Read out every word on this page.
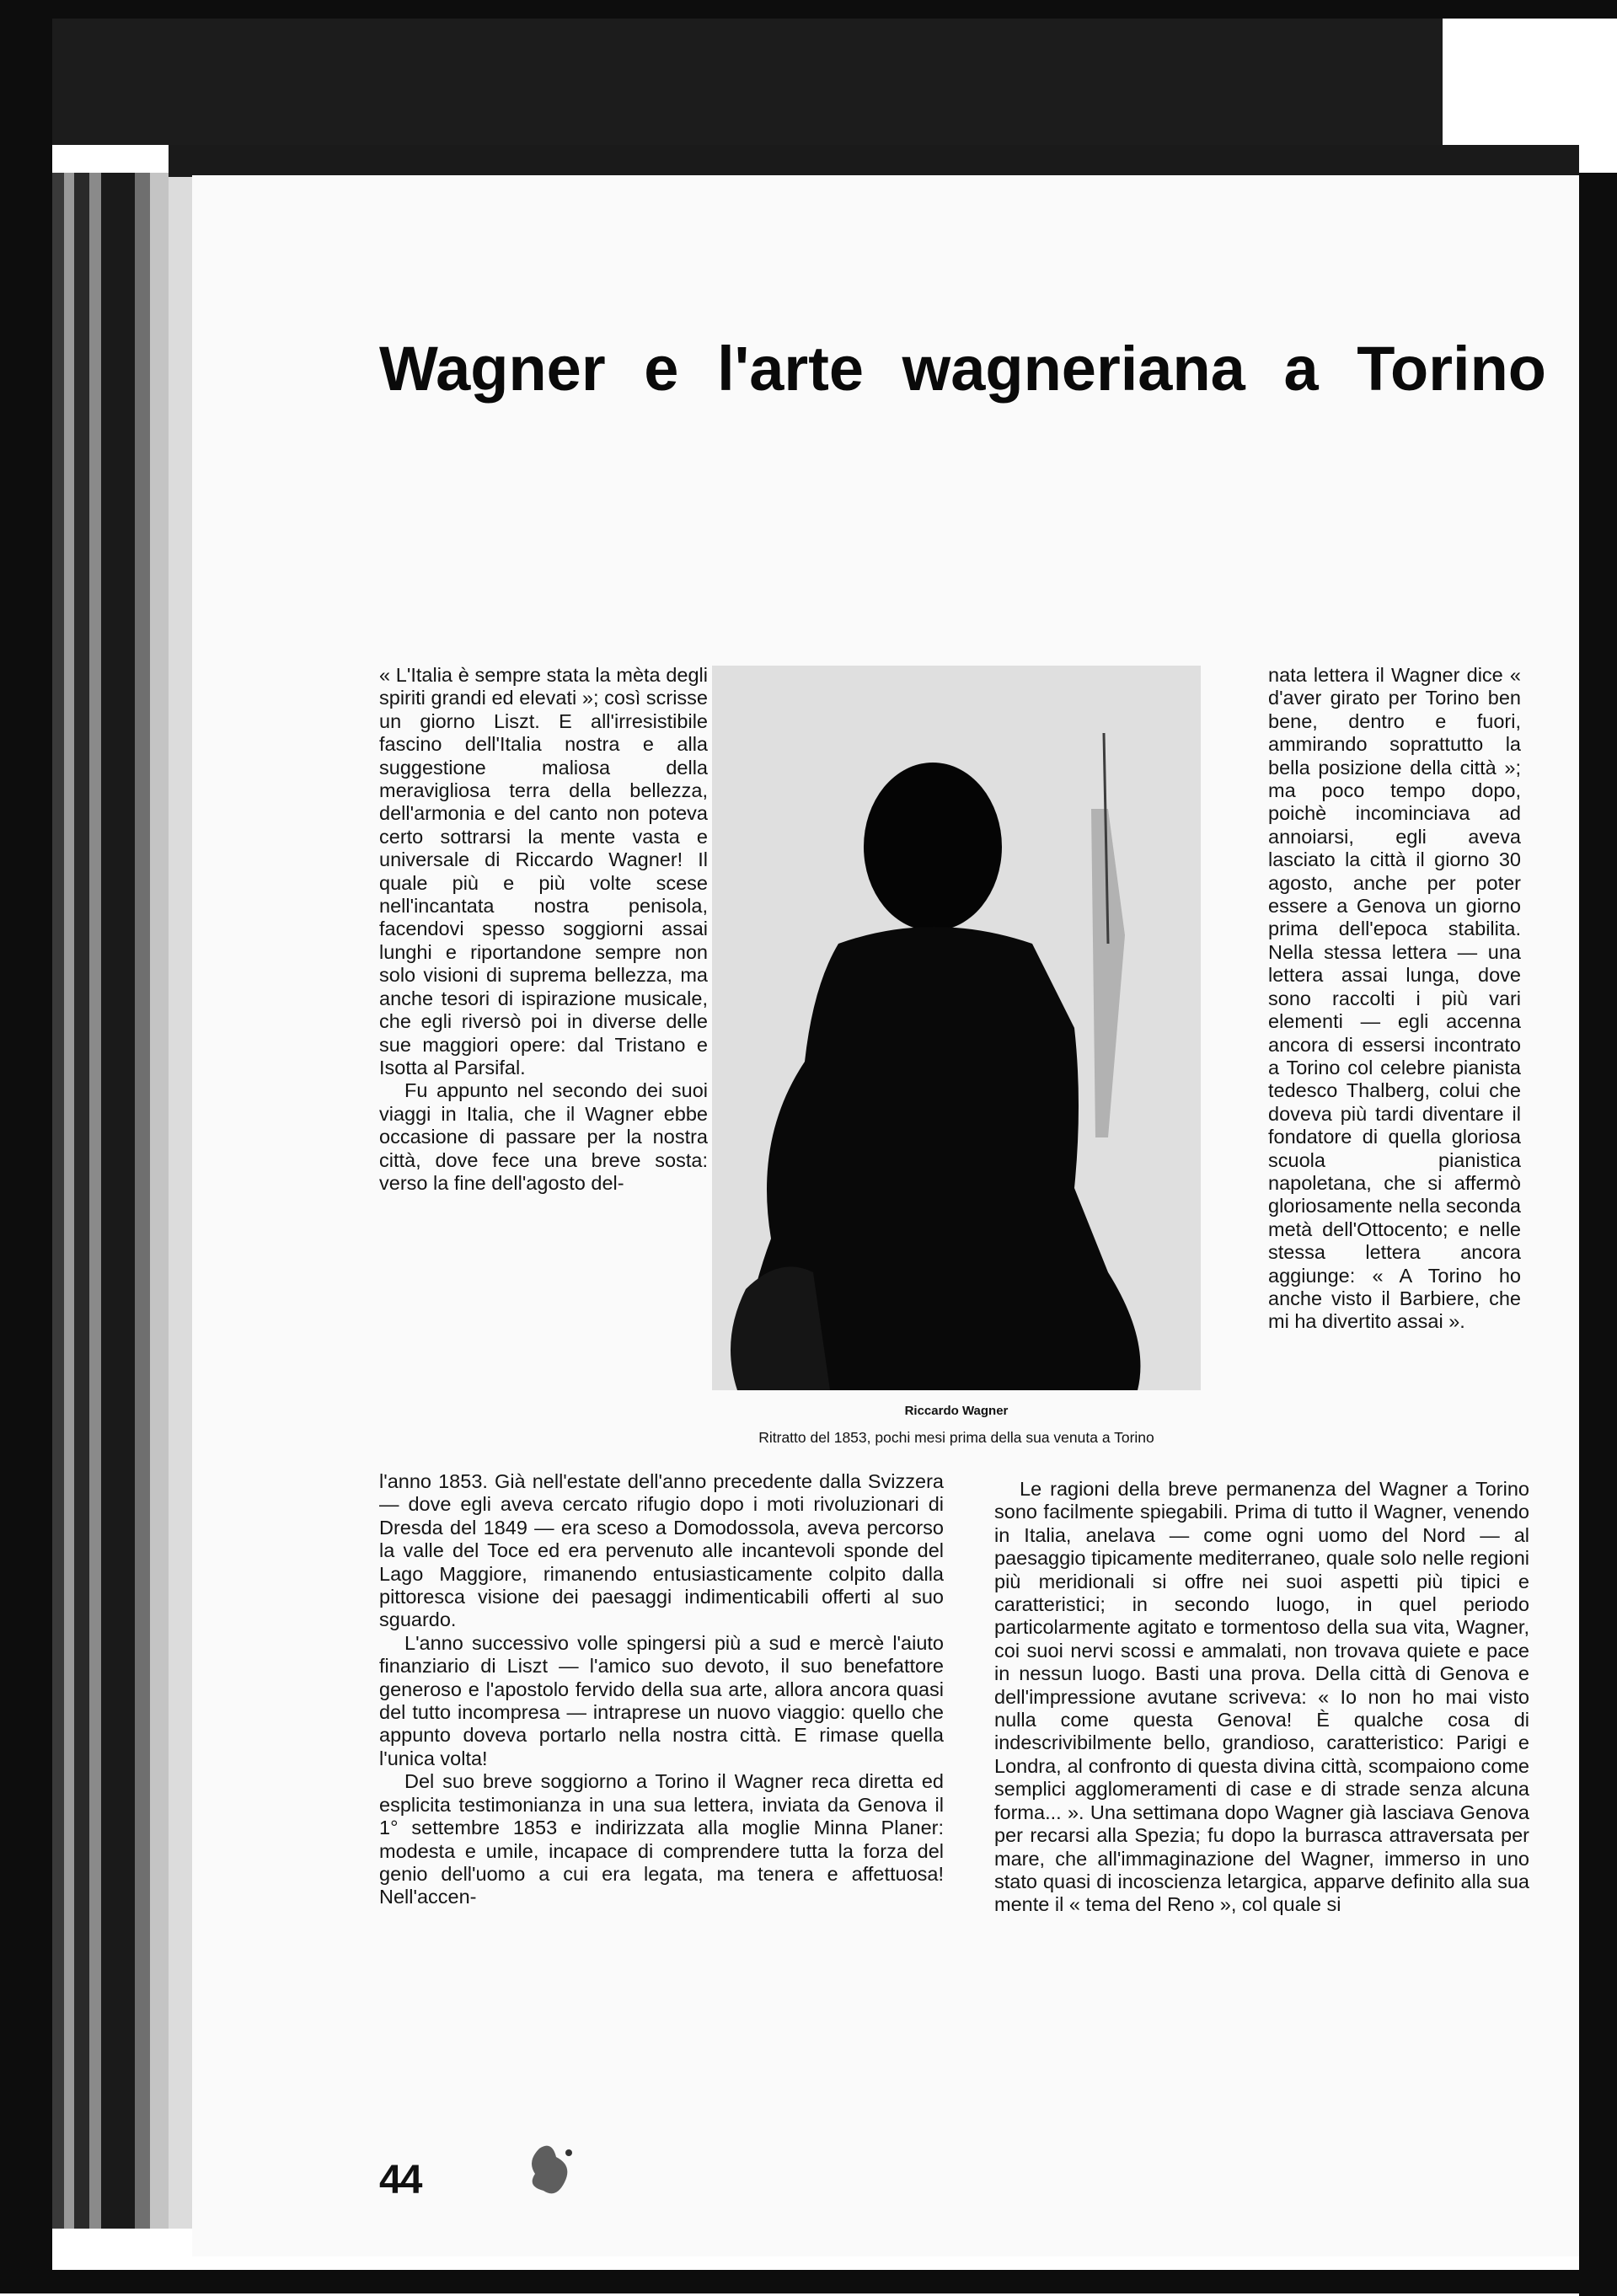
Wagner e l'arte wagneriana a Torino

« L'Italia è sempre stata la mèta degli spiriti grandi ed elevati »; così scrisse un giorno Liszt. E all'irresistibile fascino dell'Italia nostra e alla suggestione maliosa della meravigliosa terra della bellezza, dell'armonia e del canto non poteva certo sottrarsi la mente vasta e universale di Riccardo Wagner! Il quale più e più volte scese nell'incantata nostra penisola, facendovi spesso soggiorni assai lunghi e riportandone sempre non solo visioni di suprema bellezza, ma anche tesori di ispirazione musicale, che egli riversò poi in diverse delle sue maggiori opere: dal Tristano e Isotta al Parsifal.

Fu appunto nel secondo dei suoi viaggi in Italia, che il Wagner ebbe occasione di passare per la nostra città, dove fece una breve sosta: verso la fine dell'agosto del-

Riccardo Wagner
Ritratto del 1853, pochi mesi prima della sua venuta a Torino

nata lettera il Wagner dice « d'aver girato per Torino ben bene, dentro e fuori, ammirando soprattutto la bella posizione della città »; ma poco tempo dopo, poichè incominciava ad annoiarsi, egli aveva lasciato la città il giorno 30 agosto, anche per poter essere a Genova un giorno prima dell'epoca stabilita. Nella stessa lettera — una lettera assai lunga, dove sono raccolti i più vari elementi — egli accenna ancora di essersi incontrato a Torino col celebre pianista tedesco Thalberg, colui che doveva più tardi diventare il fondatore di quella gloriosa scuola pianistica napoletana, che si affermò gloriosamente nella seconda metà dell'Ottocento; e nelle stessa lettera ancora aggiunge: « A Torino ho anche visto il Barbiere, che mi ha divertito assai ».

l'anno 1853. Già nell'estate dell'anno precedente dalla Svizzera — dove egli aveva cercato rifugio dopo i moti rivoluzionari di Dresda del 1849 — era sceso a Domodossola, aveva percorso la valle del Toce ed era pervenuto alle incantevoli sponde del Lago Maggiore, rimanendo entusiasticamente colpito dalla pittoresca visione dei paesaggi indimenticabili offerti al suo sguardo.

L'anno successivo volle spingersi più a sud e mercè l'aiuto finanziario di Liszt — l'amico suo devoto, il suo benefattore generoso e l'apostolo fervido della sua arte, allora ancora quasi del tutto incompresa — intraprese un nuovo viaggio: quello che appunto doveva portarlo nella nostra città. E rimase quella l'unica volta!

Del suo breve soggiorno a Torino il Wagner reca diretta ed esplicita testimonianza in una sua lettera, inviata da Genova il 1° settembre 1853 e indirizzata alla moglie Minna Planer: modesta e umile, incapace di comprendere tutta la forza del genio dell'uomo a cui era legata, ma tenera e affettuosa! Nell'accen-

Le ragioni della breve permanenza del Wagner a Torino sono facilmente spiegabili. Prima di tutto il Wagner, venendo in Italia, anelava — come ogni uomo del Nord — al paesaggio tipicamente mediterraneo, quale solo nelle regioni più meridionali si offre nei suoi aspetti più tipici e caratteristici; in secondo luogo, in quel periodo particolarmente agitato e tormentoso della sua vita, Wagner, coi suoi nervi scossi e ammalati, non trovava quiete e pace in nessun luogo. Basti una prova. Della città di Genova e dell'impressione avutane scriveva: « Io non ho mai visto nulla come questa Genova! È qualche cosa di indescrivibilmente bello, grandioso, caratteristico: Parigi e Londra, al confronto di questa divina città, scompaiono come semplici agglomeramenti di case e di strade senza alcuna forma... ». Una settimana dopo Wagner già lasciava Genova per recarsi alla Spezia; fu dopo la burrasca attraversata per mare, che all'immaginazione del Wagner, immerso in uno stato quasi di incoscienza letargica, apparve definito alla sua mente il « tema del Reno », col quale si

44
